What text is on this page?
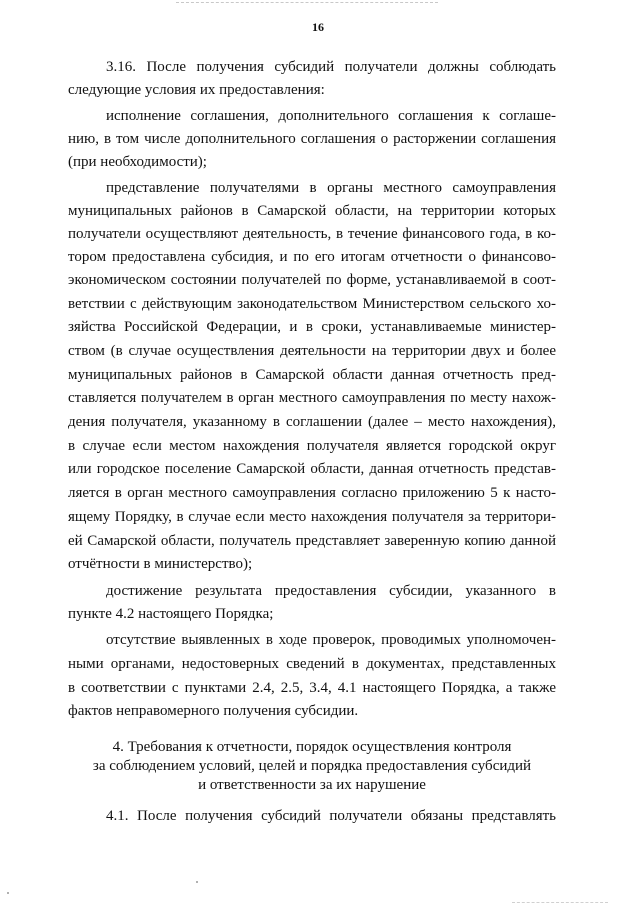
16
3.16. После получения субсидий получатели должны соблюдать
следующие условия их предоставления:
исполнение соглашения, дополнительного соглашения к соглаше-
нию, в том числе дополнительного соглашения о расторжении соглашения
(при необходимости);
представление получателями в органы местного самоуправления
муниципальных районов в Самарской области, на территории которых
получатели осуществляют деятельность, в течение финансового года, в ко-
тором предоставлена субсидия, и по его итогам отчетности о финансово-
экономическом состоянии получателей по форме, устанавливаемой в соот-
ветствии с действующим законодательством Министерством сельского хо-
зяйства Российской Федерации, и в сроки, устанавливаемые министер-
ством (в случае осуществления деятельности на территории двух и более
муниципальных районов в Самарской области данная отчетность пред-
ставляется получателем в орган местного самоуправления по месту нахож-
дения получателя, указанному в соглашении (далее – место нахождения),
в случае если местом нахождения получателя является городской округ
или городское поселение Самарской области, данная отчетность представ-
ляется в орган местного самоуправления согласно приложению 5 к насто-
ящему Порядку, в случае если место нахождения получателя за территори-
ей Самарской области, получатель представляет заверенную копию данной
отчётности в министерство);
достижение результата предоставления субсидии, указанного в
пункте 4.2 настоящего Порядка;
отсутствие выявленных в ходе проверок, проводимых уполномочен-
ными органами, недостоверных сведений в документах, представленных
в соответствии с пунктами 2.4, 2.5, 3.4, 4.1 настоящего Порядка, а также
фактов неправомерного получения субсидии.
4. Требования к отчетности, порядок осуществления контроля
за соблюдением условий, целей и порядка предоставления субсидий
и ответственности за их нарушение
4.1. После получения субсидий получатели обязаны представлять
